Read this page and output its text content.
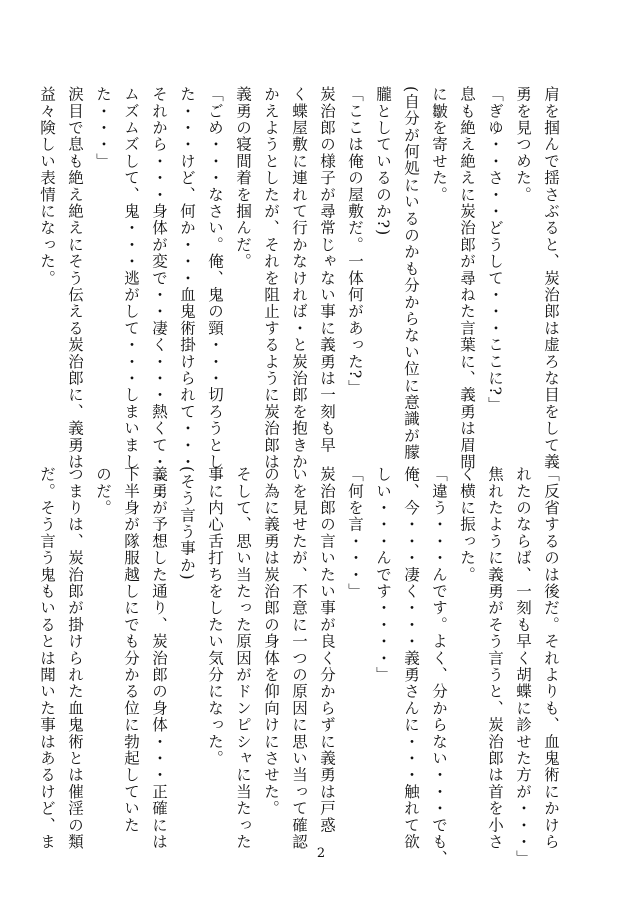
肩を掴んで揺さぶると、炭治郎は虚ろな目をして義
勇を見つめた。
「ぎゆ・・さ・・どうして・・・ここに?」
息も絶え絶えに炭治郎が尋ねた言葉に、義勇は眉間
に皺を寄せた。
(自分が何処にいるのかも分からない位に意識が朦
朧としているのか?)
「ここは俺の屋敷だ。一体何があった?」
炭治郎の様子が尋常じゃない事に義勇は一刻も早
く蝶屋敷に連れて行かなければ・と炭治郎を抱きか
かえようとしたが、それを阻止するように炭治郎は
義勇の寝間着を掴んだ。
「ごめ・・・なさい。俺、鬼の頸・・・切ろうとし
た・・・けど、何か・・・血鬼術掛けられて・・・
それから・・・身体が変で・・凄く・・・熱くて・・・
ムズムズして、鬼・・・逃がして・・・しまいまし
た・・・」
涙目で息も絶え絶えにそう伝える炭治郎に、義勇は
益々険しい表情になった。
「反省するのは後だ。それよりも、血鬼術にかけら
れたのならば、一刻も早く胡蝶に診せた方が・・・」
焦れたように義勇がそう言うと、炭治郎は首を小さ
く横に振った。
「違う・・・んです。よく、分からない・・・でも、
俺、今・・・凄く・・・義勇さんに・・・触れて欲
しい・・・んです・・・・」
「何を言・・・」
炭治郎の言いたい事が良く分からずに義勇は戸惑
いを見せたが、不意に一つの原因に思い当って確認
の為に義勇は炭治郎の身体を仰向けにさせた。
そして、思い当たった原因がドンピシャに当たった
事に内心舌打ちをしたい気分になった。
(そう言う事か)
義勇が予想した通り、炭治郎の身体・・・正確には
下半身が隊服越しにでも分かる位に勃起していた
のだ。
つまりは、炭治郎が掛けられた血鬼術とは催淫の類
だ。そう言う鬼もいるとは聞いた事はあるけど、ま
2
